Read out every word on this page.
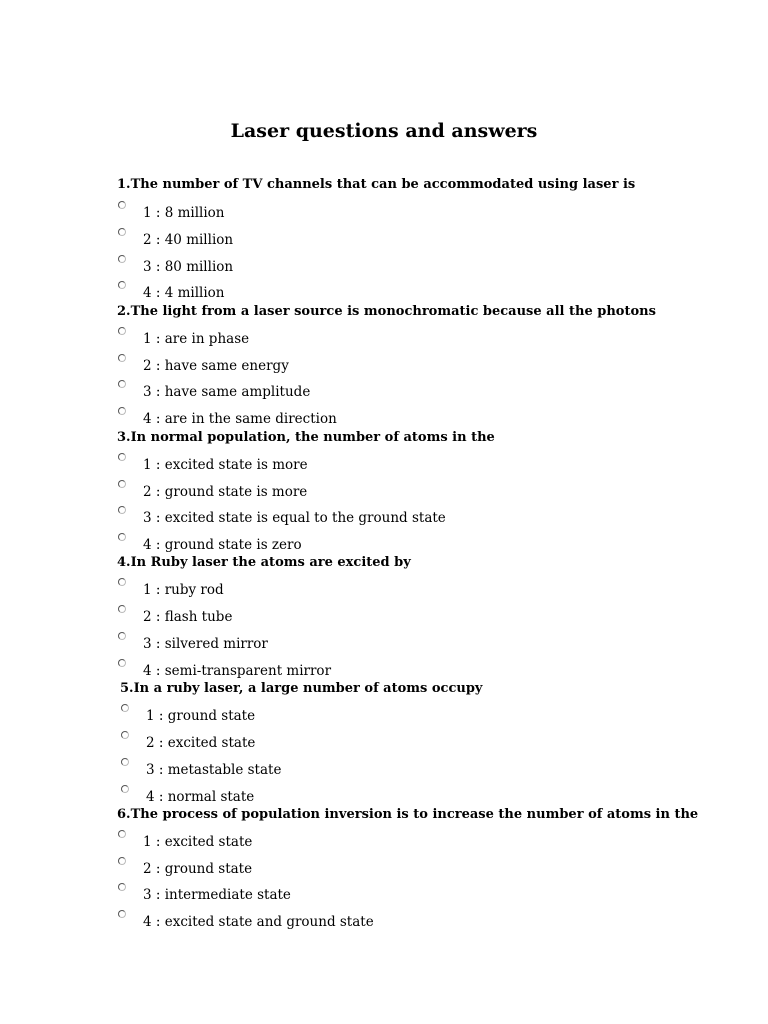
Laser questions and answers
1.The number of TV channels that can be accommodated using laser is
1 : 8 million
2 : 40 million
3 : 80 million
4 : 4 million
2.The light from a laser source is monochromatic because all the photons
1 : are in phase
2 : have same energy
3 : have same amplitude
4 : are in the same direction
3.In normal population, the number of atoms in the
1 : excited state is more
2 : ground state is more
3 : excited state is equal to the ground state
4 : ground state is zero
4.In Ruby laser the atoms are excited by
1 : ruby rod
2 : flash tube
3 : silvered mirror
4 : semi-transparent mirror
5.In a ruby laser, a large number of atoms occupy
1 : ground state
2 : excited state
3 : metastable state
4 : normal state
6.The process of population inversion is to increase the number of atoms in the
1 : excited state
2 : ground state
3 : intermediate state
4 : excited state and ground state
